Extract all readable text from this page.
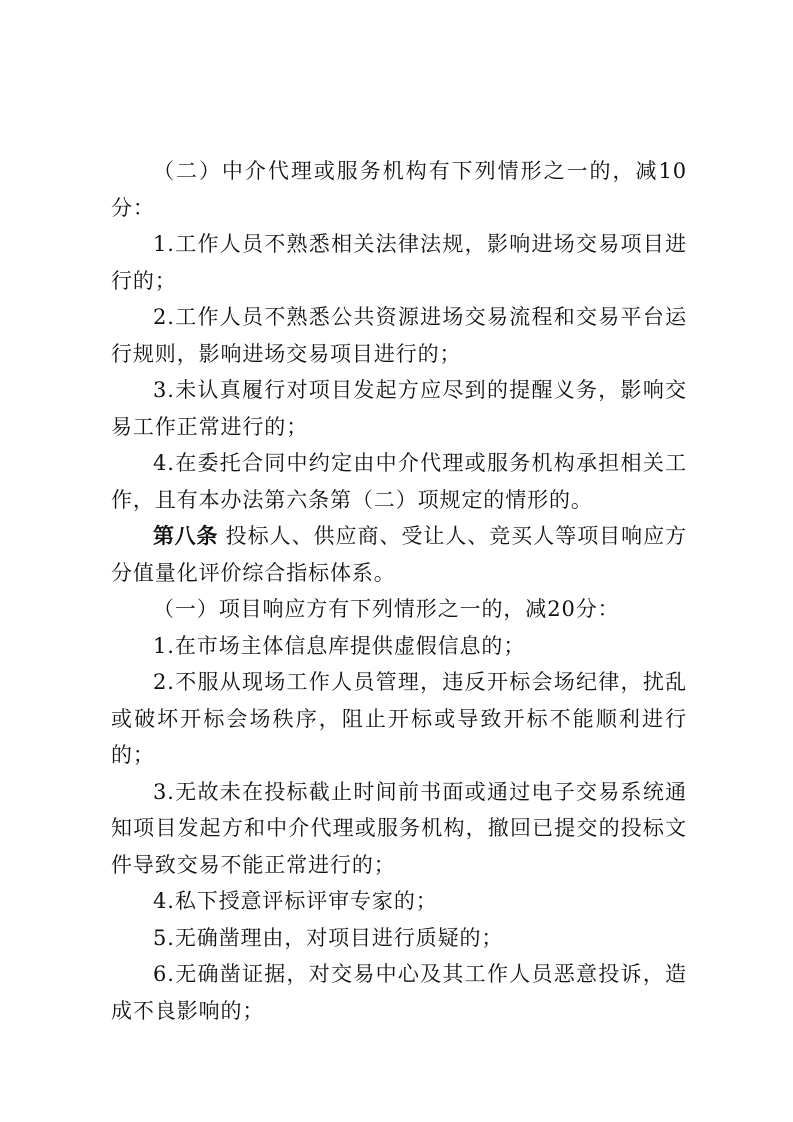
（二）中介代理或服务机构有下列情形之一的，减10分：

1.工作人员不熟悉相关法律法规，影响进场交易项目进行的；

2.工作人员不熟悉公共资源进场交易流程和交易平台运行规则，影响进场交易项目进行的；

3.未认真履行对项目发起方应尽到的提醒义务，影响交易工作正常进行的；

4.在委托合同中约定由中介代理或服务机构承担相关工作，且有本办法第六条第（二）项规定的情形的。

第八条 投标人、供应商、受让人、竞买人等项目响应方分值量化评价综合指标体系。

（一）项目响应方有下列情形之一的，减20分：

1.在市场主体信息库提供虚假信息的；

2.不服从现场工作人员管理，违反开标会场纪律，扰乱或破坏开标会场秩序，阻止开标或导致开标不能顺利进行的；

3.无故未在投标截止时间前书面或通过电子交易系统通知项目发起方和中介代理或服务机构，撤回已提交的投标文件导致交易不能正常进行的；

4.私下授意评标评审专家的；

5.无确凿理由，对项目进行质疑的；

6.无确凿证据，对交易中心及其工作人员恶意投诉，造成不良影响的；
